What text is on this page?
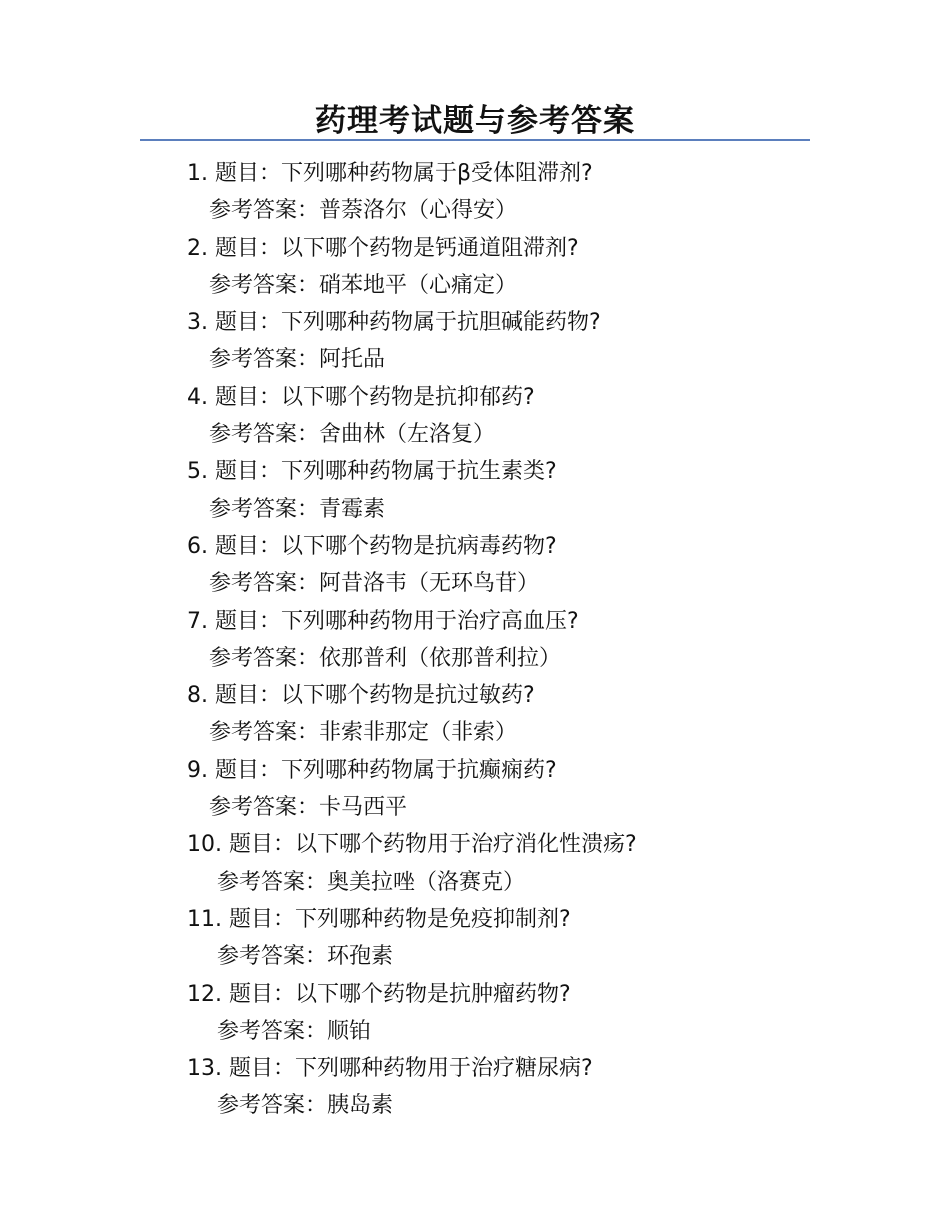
药理考试题与参考答案
1. 题目：下列哪种药物属于β受体阻滞剂?
参考答案：普萘洛尔（心得安）
2. 题目：以下哪个药物是钙通道阻滞剂?
参考答案：硝苯地平（心痛定）
3. 题目：下列哪种药物属于抗胆碱能药物?
参考答案：阿托品
4. 题目：以下哪个药物是抗抑郁药?
参考答案：舍曲林（左洛复）
5. 题目：下列哪种药物属于抗生素类?
参考答案：青霉素
6. 题目：以下哪个药物是抗病毒药物?
参考答案：阿昔洛韦（无环鸟苷）
7. 题目：下列哪种药物用于治疗高血压?
参考答案：依那普利（依那普利拉）
8. 题目：以下哪个药物是抗过敏药?
参考答案：非索非那定（非索）
9. 题目：下列哪种药物属于抗癫痫药?
参考答案：卡马西平
10. 题目：以下哪个药物用于治疗消化性溃疡?
参考答案：奥美拉唑（洛赛克）
11. 题目：下列哪种药物是免疫抑制剂?
参考答案：环孢素
12. 题目：以下哪个药物是抗肿瘤药物?
参考答案：顺铂
13. 题目：下列哪种药物用于治疗糖尿病?
参考答案：胰岛素
